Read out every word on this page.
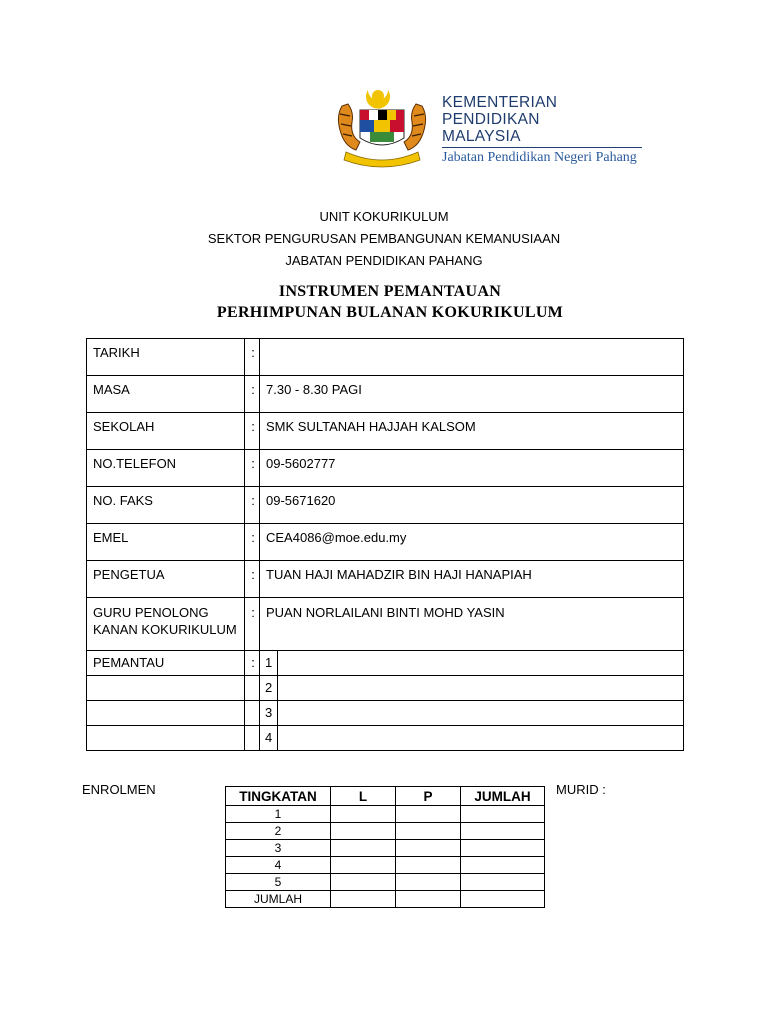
KEMENTERIAN
PENDIDIKAN
MALAYSIA
Jabatan Pendidikan Negeri Pahang
UNIT KOKURIKULUM
SEKTOR PENGURUSAN PEMBANGUNAN KEMANUSIAAN
JABATAN PENDIDIKAN PAHANG
INSTRUMEN PEMANTAUAN
PERHIMPUNAN BULANAN KOKURIKULUM
TARIKH	:		
MASA	:	7.30 - 8.30 PAGI	
SEKOLAH	:	SMK SULTANAH HAJJAH KALSOM	
NO.TELEFON	:	09-5602777	
NO. FAKS	:	09-5671620	
EMEL	:	CEA4086@moe.edu.my	
PENGETUA	:	TUAN HAJI MAHADZIR BIN HAJI HANAPIAH	
GURU PENOLONG KANAN KOKURIKULUM	:	PUAN NORLAILANI BINTI MOHD YASIN	
PEMANTAU	:	1	
		2	
		3	
		4	
ENROLMEN	MURID :
TINGKATAN	L	P	JUMLAH
1			
2			
3			
4			
5			
JUMLAH			
